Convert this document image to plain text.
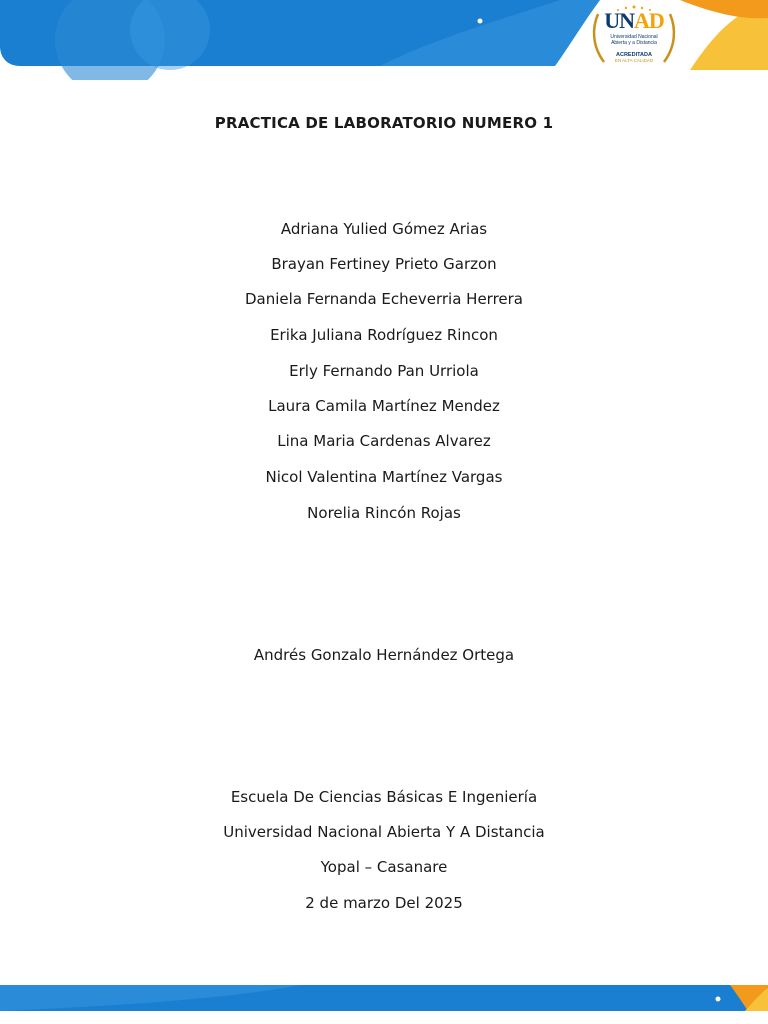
UNAD
Universidad Nacional
Abierta y a Distancia
ACREDITADA
EN ALTA CALIDAD
PRACTICA DE LABORATORIO NUMERO 1
Adriana Yulied Gómez Arias
Brayan Fertiney Prieto Garzon
Daniela Fernanda Echeverria Herrera
Erika Juliana Rodríguez Rincon
Erly Fernando Pan Urriola
Laura Camila Martínez Mendez
Lina Maria Cardenas Alvarez
Nicol Valentina Martínez Vargas
Norelia Rincón Rojas
Andrés Gonzalo Hernández Ortega
Escuela De Ciencias Básicas E Ingeniería
Universidad Nacional Abierta Y A Distancia
Yopal – Casanare
2 de marzo Del 2025
